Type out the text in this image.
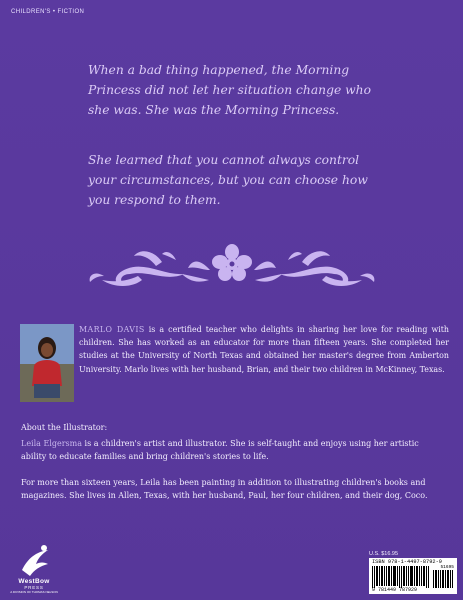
CHILDREN'S • FICTION

When a bad thing happened, the Morning Princess did not let her situation change who she was. She was the Morning Princess.

She learned that you cannot always control your circumstances, but you can choose how you respond to them.

MARLO DAVIS is a certified teacher who delights in sharing her love for reading with children. She has worked as an educator for more than fifteen years. She completed her studies at the University of North Texas and obtained her master's degree from Amberton University. Marlo lives with her husband, Brian, and their two children in McKinney, Texas.

About the Illustrator:

Leila Elgersma is a children's artist and illustrator. She is self-taught and enjoys using her artistic ability to educate families and bring children's stories to life.

For more than sixteen years, Leila has been painting in addition to illustrating children's books and magazines. She lives in Allen, Texas, with her husband, Paul, her four children, and their dog, Coco.

WestBow
PRESS
A DIVISION OF THOMAS NELSON
U.S. $16.95
ISBN 978-1-4497-8792-9
51695
9 781449 787929
